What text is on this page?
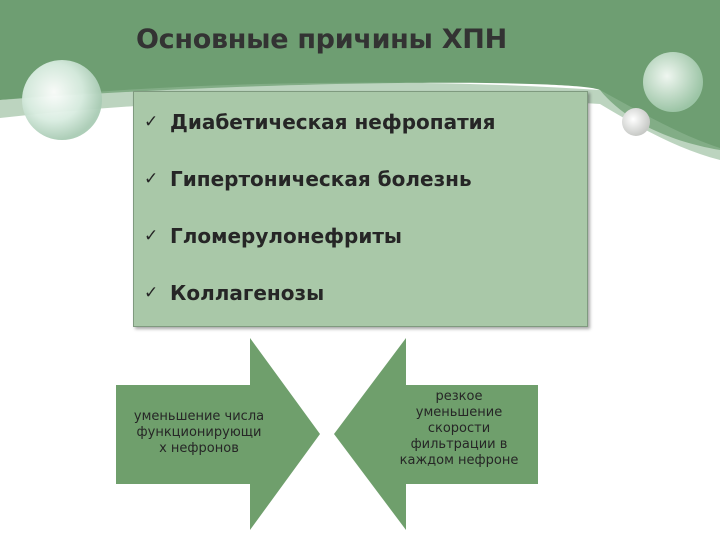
Основные причины ХПН
✓ Диабетическая нефропатия
✓ Гипертоническая болезнь
✓ Гломерулонефриты
✓ Коллагенозы
уменьшение числа
функционирующи
х нефронов
резкое
уменьшение
скорости
фильтрации в
каждом нефроне
